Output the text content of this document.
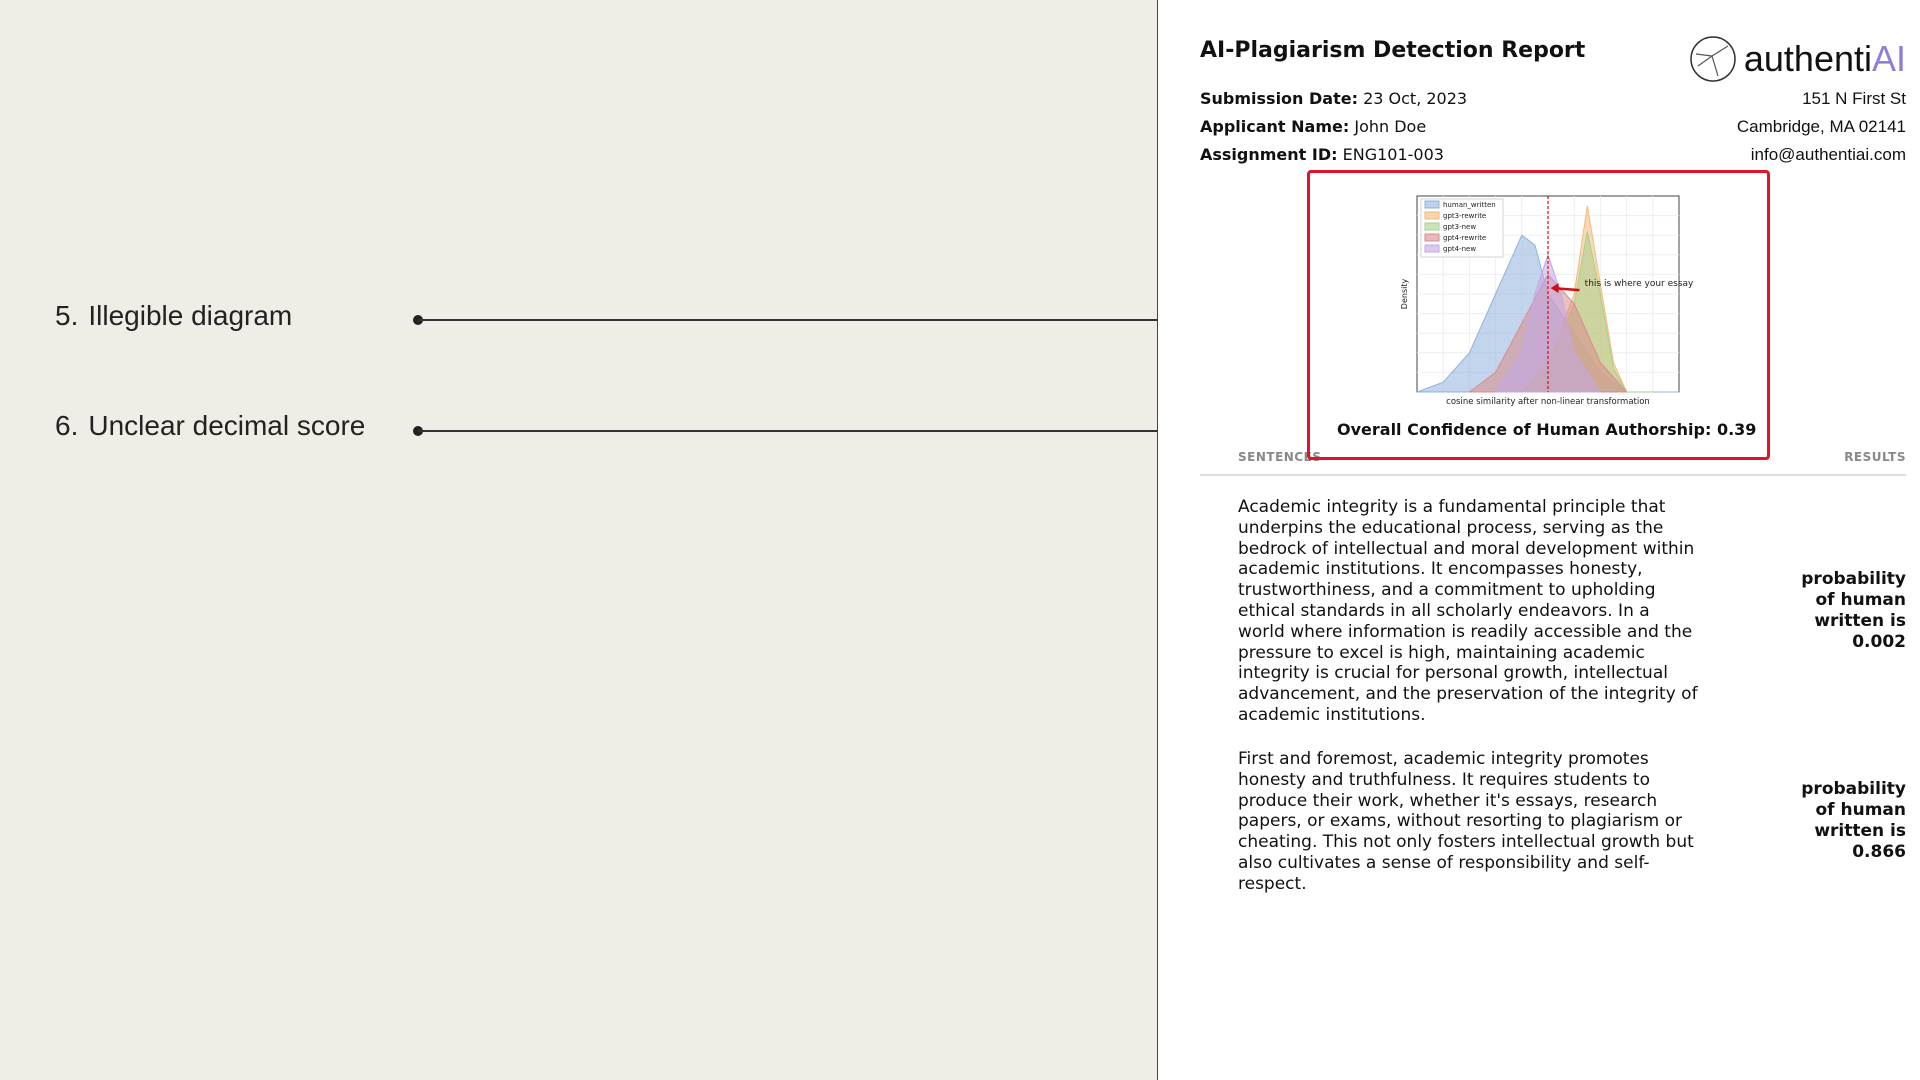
5. Illegible diagram
6. Unclear decimal score
AI-Plagiarism Detection Report
Submission Date: 23 Oct, 2023
Applicant Name: John Doe
Assignment ID: ENG101-003
authentiAI
151 N First St
Cambridge, MA 02141
info@authentiai.com
SENTENCES	RESULTS
this is where your essay
human_written
gpt3-rewrite
gpt3-new
gpt4-rewrite
gpt4-new
Density
cosine similarity after non-linear transformation
Overall Confidence of Human Authorship: 0.39
Academic integrity is a fundamental principle that underpins the educational process, serving as the bedrock of intellectual and moral development within academic institutions. It encompasses honesty, trustworthiness, and a commitment to upholding ethical standards in all scholarly endeavors. In a world where information is readily accessible and the pressure to excel is high, maintaining academic integrity is crucial for personal growth, intellectual advancement, and the preservation of the integrity of academic institutions.
probability of human written is 0.002
First and foremost, academic integrity promotes honesty and truthfulness. It requires students to produce their work, whether it's essays, research papers, or exams, without resorting to plagiarism or cheating. This not only fosters intellectual growth but also cultivates a sense of responsibility and self-respect.
probability of human written is 0.866
